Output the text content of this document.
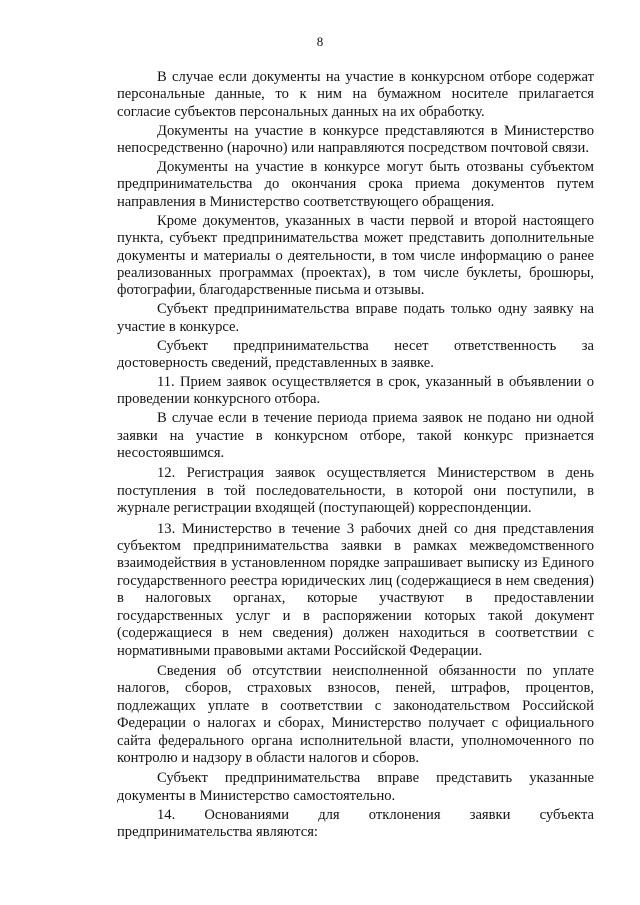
8

В случае если документы на участие в конкурсном отборе содержат персональные данные, то к ним на бумажном носителе прилагается согласие субъектов персональных данных на их обработку.

Документы на участие в конкурсе представляются в Министерство непосредственно (нарочно) или направляются посредством почтовой связи.

Документы на участие в конкурсе могут быть отозваны субъектом предпринимательства до окончания срока приема документов путем направления в Министерство соответствующего обращения.

Кроме документов, указанных в части первой и второй настоящего пункта, субъект предпринимательства может представить дополнительные документы и материалы о деятельности, в том числе информацию о ранее реализованных программах (проектах), в том числе буклеты, брошюры, фотографии, благодарственные письма и отзывы.

Субъект предпринимательства вправе подать только одну заявку на участие в конкурсе.

Субъект предпринимательства несет ответственность за достоверность сведений, представленных в заявке.

11. Прием заявок осуществляется в срок, указанный в объявлении о проведении конкурсного отбора.

В случае если в течение периода приема заявок не подано ни одной заявки на участие в конкурсном отборе, такой конкурс признается несостоявшимся.

12. Регистрация заявок осуществляется Министерством в день поступления в той последовательности, в которой они поступили, в журнале регистрации входящей (поступающей) корреспонденции.

13. Министерство в течение 3 рабочих дней со дня представления субъектом предпринимательства заявки в рамках межведомственного взаимодействия в установленном порядке запрашивает выписку из Единого государственного реестра юридических лиц (содержащиеся в нем сведения) в налоговых органах, которые участвуют в предоставлении государственных услуг и в распоряжении которых такой документ (содержащиеся в нем сведения) должен находиться в соответствии с нормативными правовыми актами Российской Федерации.

Сведения об отсутствии неисполненной обязанности по уплате налогов, сборов, страховых взносов, пеней, штрафов, процентов, подлежащих уплате в соответствии с законодательством Российской Федерации о налогах и сборах, Министерство получает с официального сайта федерального органа исполнительной власти, уполномоченного по контролю и надзору в области налогов и сборов.

Субъект предпринимательства вправе представить указанные документы в Министерство самостоятельно.

14. Основаниями для отклонения заявки субъекта предпринимательства являются:
